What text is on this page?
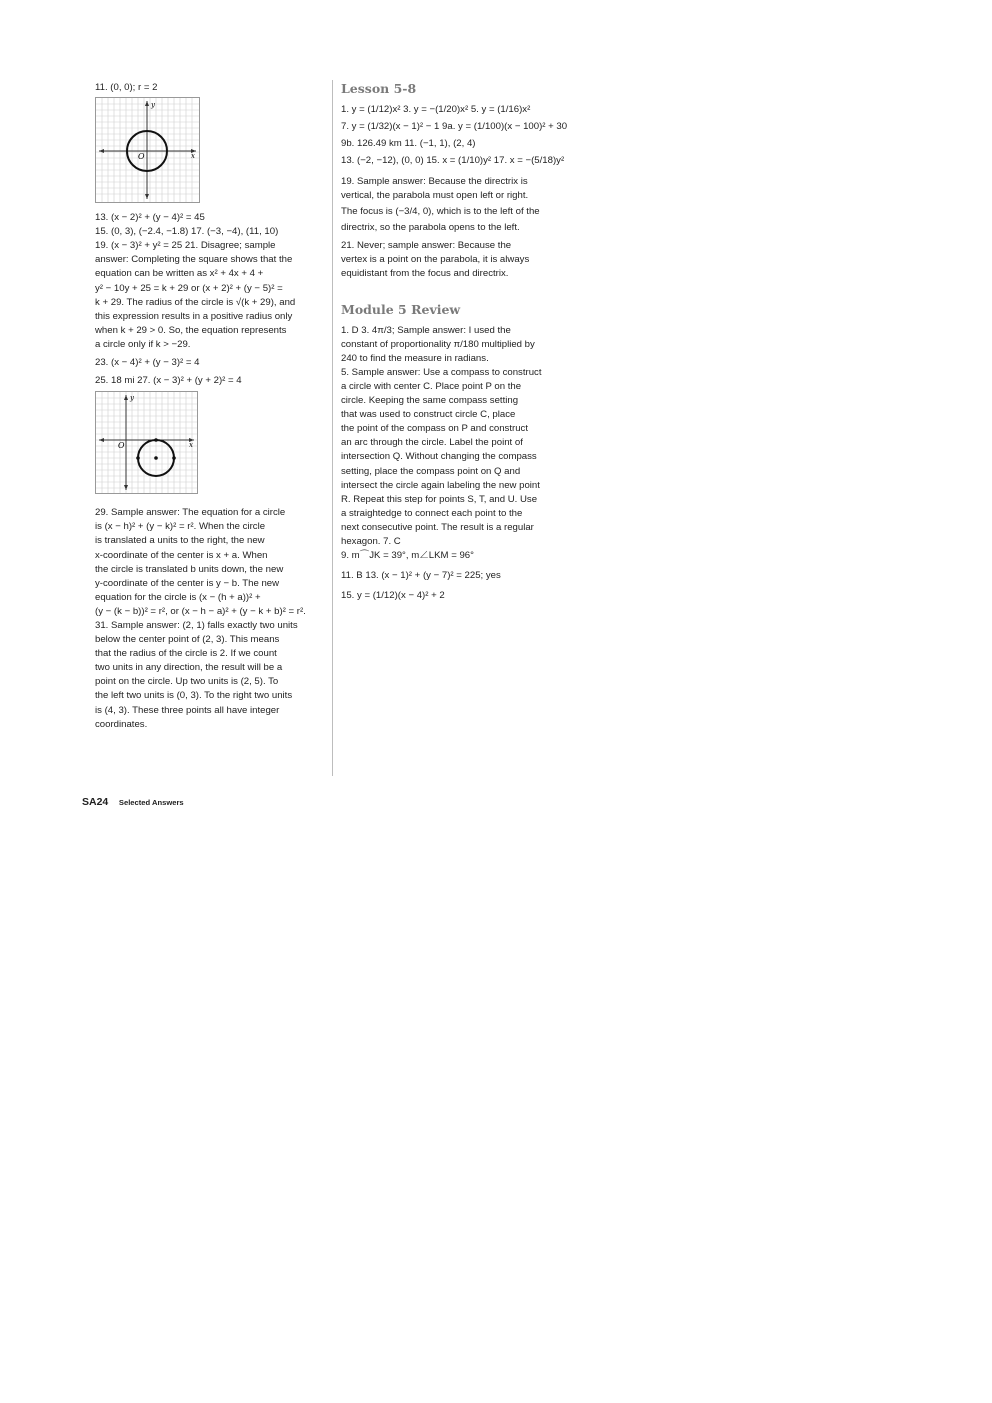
11. (0, 0); r = 2
y
x
O
13. (x − 2)² + (y − 4)² = 45
15. (0, 3), (−2.4, −1.8) 17. (−3, −4), (11, 10)
19. (x − 3)² + y² = 25 21. Disagree; sample
answer: Completing the square shows that the
equation can be written as x² + 4x + 4 +
y² − 10y + 25 = k + 29 or (x + 2)² + (y − 5)² =
k + 29. The radius of the circle is √(k + 29), and
this expression results in a positive radius only
when k + 29 > 0. So, the equation represents
a circle only if k > −29.
23. (x − 4)² + (y − 3)² = 4
25. 18 mi 27. (x − 3)² + (y + 2)² = 4
y
x
O
29. Sample answer: The equation for a circle
is (x − h)² + (y − k)² = r². When the circle
is translated a units to the right, the new
x-coordinate of the center is x + a. When
the circle is translated b units down, the new
y-coordinate of the center is y − b. The new
equation for the circle is (x − (h + a))² +
(y − (k − b))² = r², or (x − h − a)² + (y − k + b)² = r².
31. Sample answer: (2, 1) falls exactly two units
below the center point of (2, 3). This means
that the radius of the circle is 2. If we count
two units in any direction, the result will be a
point on the circle. Up two units is (2, 5). To
the left two units is (0, 3). To the right two units
is (4, 3). These three points all have integer
coordinates.
Lesson 5-8
1. y = (1/12)x² 3. y = −(1/20)x² 5. y = (1/16)x²
7. y = (1/32)(x − 1)² − 1 9a. y = (1/100)(x − 100)² + 30
9b. 126.49 km 11. (−1, 1), (2, 4)
13. (−2, −12), (0, 0) 15. x = (1/10)y² 17. x = −(5/18)y²
19. Sample answer: Because the directrix is
vertical, the parabola must open left or right.
The focus is (−3/4, 0), which is to the left of the
directrix, so the parabola opens to the left.
21. Never; sample answer: Because the
vertex is a point on the parabola, it is always
equidistant from the focus and directrix.
Module 5 Review
1. D 3. 4π/3; Sample answer: I used the
constant of proportionality π/180 multiplied by
240 to find the measure in radians.
5. Sample answer: Use a compass to construct
a circle with center C. Place point P on the
circle. Keeping the same compass setting
that was used to construct circle C, place
the point of the compass on P and construct
an arc through the circle. Label the point of
intersection Q. Without changing the compass
setting, place the compass point on Q and
intersect the circle again labeling the new point
R. Repeat this step for points S, T, and U. Use
a straightedge to connect each point to the
next consecutive point. The result is a regular
hexagon. 7. C
9. m⌒JK = 39°, m∠LKM = 96°
11. B 13. (x − 1)² + (y − 7)² = 225; yes
15. y = (1/12)(x − 4)² + 2
SA24 Selected Answers
